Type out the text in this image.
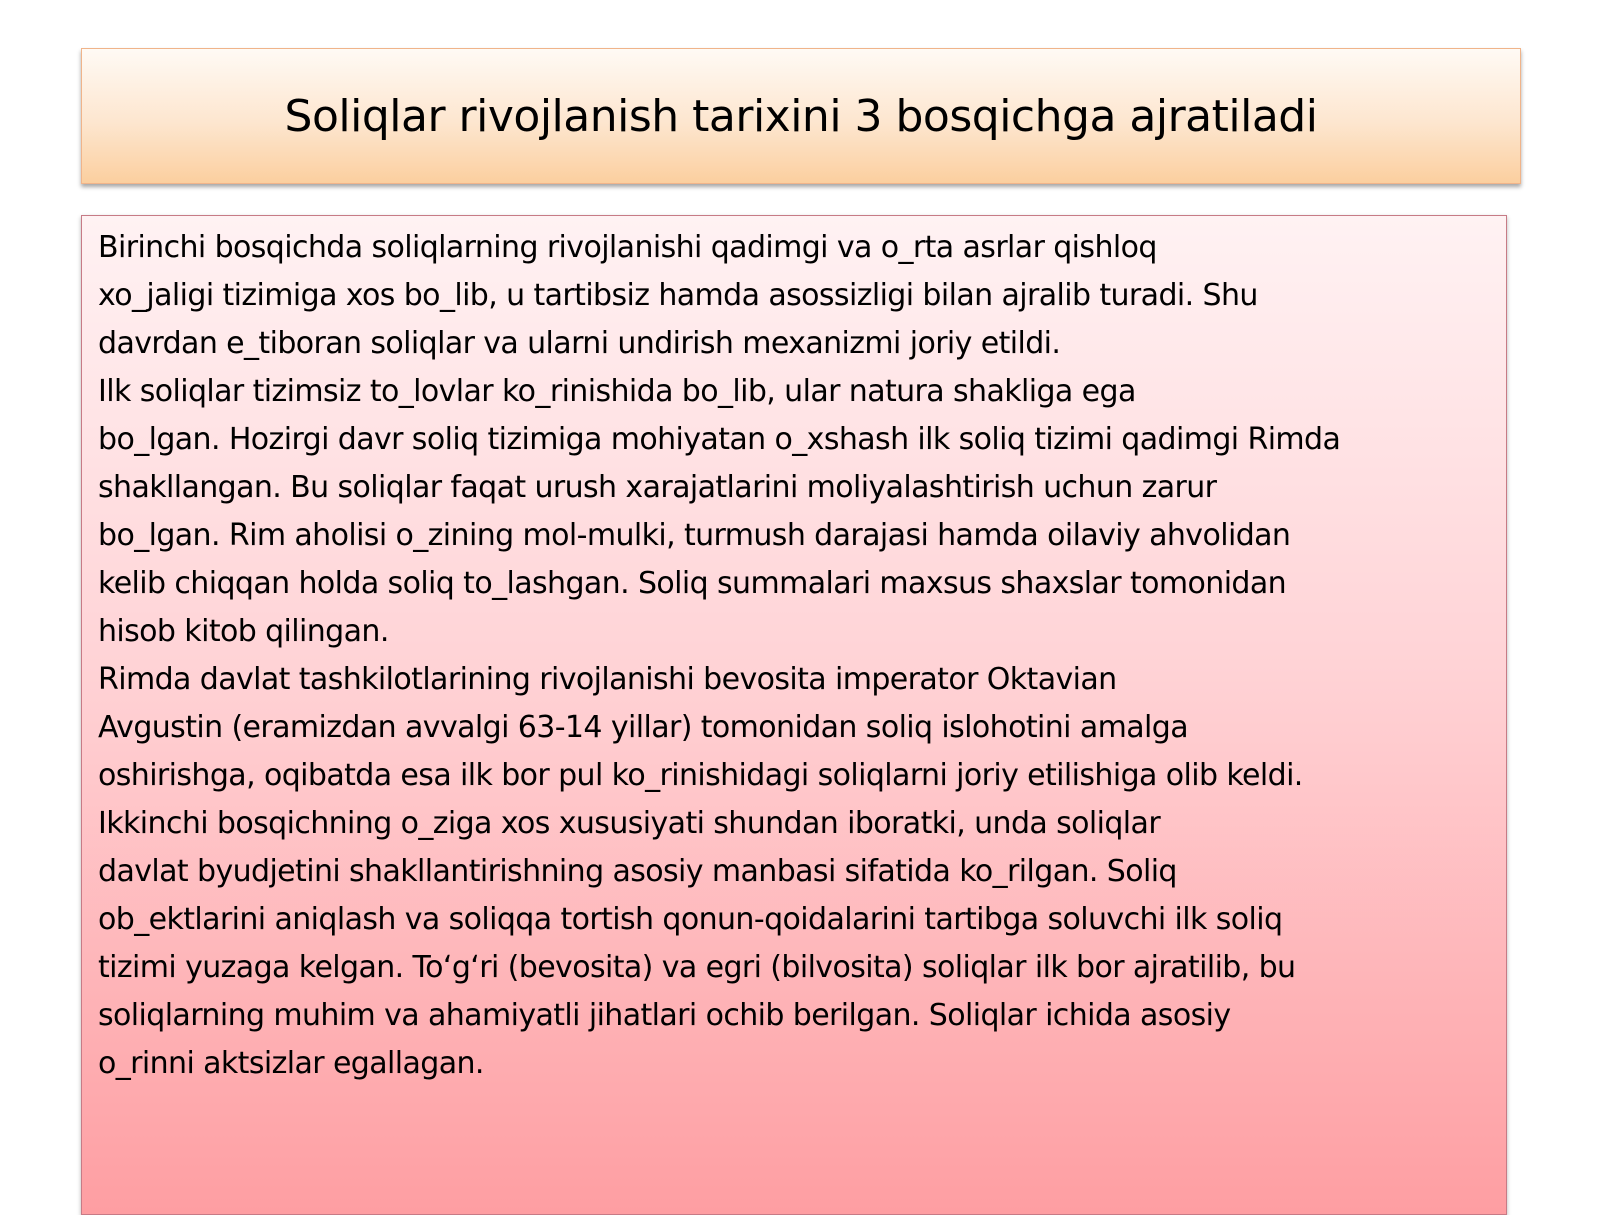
Soliqlar rivojlanish tarixini 3 bosqichga ajratiladi
Birinchi bosqichda soliqlarning rivojlanishi qadimgi va o_rta asrlar qishloq
xo_jaligi tizimiga xos bo_lib, u tartibsiz hamda asossizligi bilan ajralib turadi. Shu
davrdan e_tiboran soliqlar va ularni undirish mexanizmi joriy etildi.
Ilk soliqlar tizimsiz to_lovlar ko_rinishida bo_lib, ular natura shakliga ega
bo_lgan. Hozirgi davr soliq tizimiga mohiyatan o_xshash ilk soliq tizimi qadimgi Rimda
shakllangan. Bu soliqlar faqat urush xarajatlarini moliyalashtirish uchun zarur
bo_lgan. Rim aholisi o_zining mol-mulki, turmush darajasi hamda oilaviy ahvolidan
kelib chiqqan holda soliq to_lashgan. Soliq summalari maxsus shaxslar tomonidan
hisob kitob qilingan.
Rimda davlat tashkilotlarining rivojlanishi bevosita imperator Oktavian
Avgustin (eramizdan avvalgi 63-14 yillar) tomonidan soliq islohotini amalga
oshirishga, oqibatda esa ilk bor pul ko_rinishidagi soliqlarni joriy etilishiga olib keldi.
Ikkinchi bosqichning o_ziga xos xususiyati shundan iboratki, unda soliqlar
davlat byudjetini shakllantirishning asosiy manbasi sifatida ko_rilgan. Soliq
ob_ektlarini aniqlash va soliqqa tortish qonun-qoidalarini tartibga soluvchi ilk soliq
tizimi yuzaga kelgan. To‘g‘ri (bevosita) va egri (bilvosita) soliqlar ilk bor ajratilib, bu
soliqlarning muhim va ahamiyatli jihatlari ochib berilgan. Soliqlar ichida asosiy
o_rinni aktsizlar egallagan.
